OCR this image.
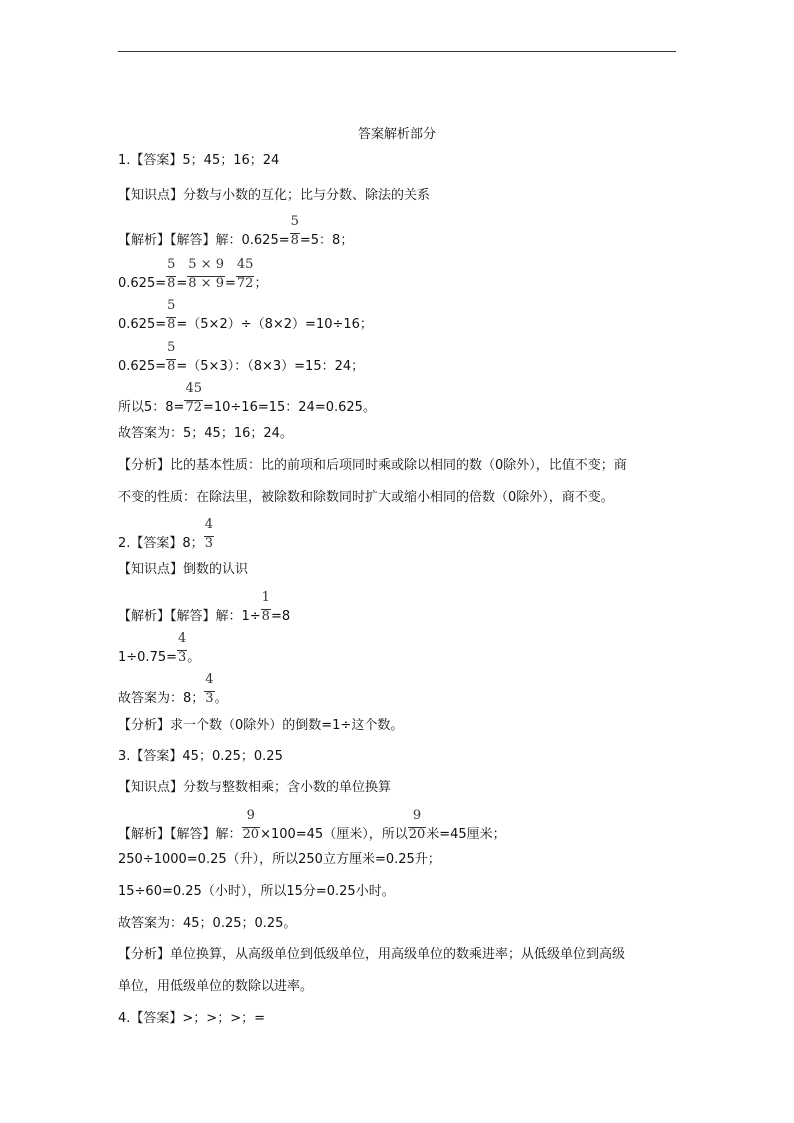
答案解析部分
1.【答案】5；45；16；24
【知识点】分数与小数的互化；比与分数、除法的关系
【解析】【解答】解：$0.625= \frac{5}{8}=5$：8；
$0.625= \frac{5}{8}= \frac{5 \times 9}{8 \times 9}= \frac{45}{72}$；
$0.625= \frac{5}{8}=(5\times 2)\div(8\times 2)=10\div 16$；
$0.625= \frac{5}{8}=(5\times 3)$：（8×3）=15：24；
所以5：$8= \frac{45}{72}=10\div 16=15$：24=0.625。
故答案为：5；45；16；24。
【分析】比的基本性质：比的前项和后项同时乘或除以相同的数（0除外），比值不变；商
不变的性质：在除法里，被除数和除数同时扩大或缩小相同的倍数（0除外），商不变。
2.【答案】8； $\frac{4}{3}$
【知识点】倒数的认识
【解析】【解答】解：$1\div \frac{1}{8}=8$
$1\div 0.75= \frac{4}{3}$。
故答案为：8； $\frac{4}{3}$。
【分析】求一个数（0除外）的倒数=1÷这个数。
3.【答案】45；0.25；0.25
【知识点】分数与整数相乘；含小数的单位换算
【解析】【解答】解： $\frac{9}{20}\times 100=45$（厘米），所以 $\frac{9}{20}$米=45厘米；
250÷1000=0.25（升），所以250立方厘米=0.25升；
15÷60=0.25（小时），所以15分=0.25小时。
故答案为：45；0.25；0.25。
【分析】单位换算，从高级单位到低级单位，用高级单位的数乘进率；从低级单位到高级
单位，用低级单位的数除以进率。
4.【答案】>；>；>；=
